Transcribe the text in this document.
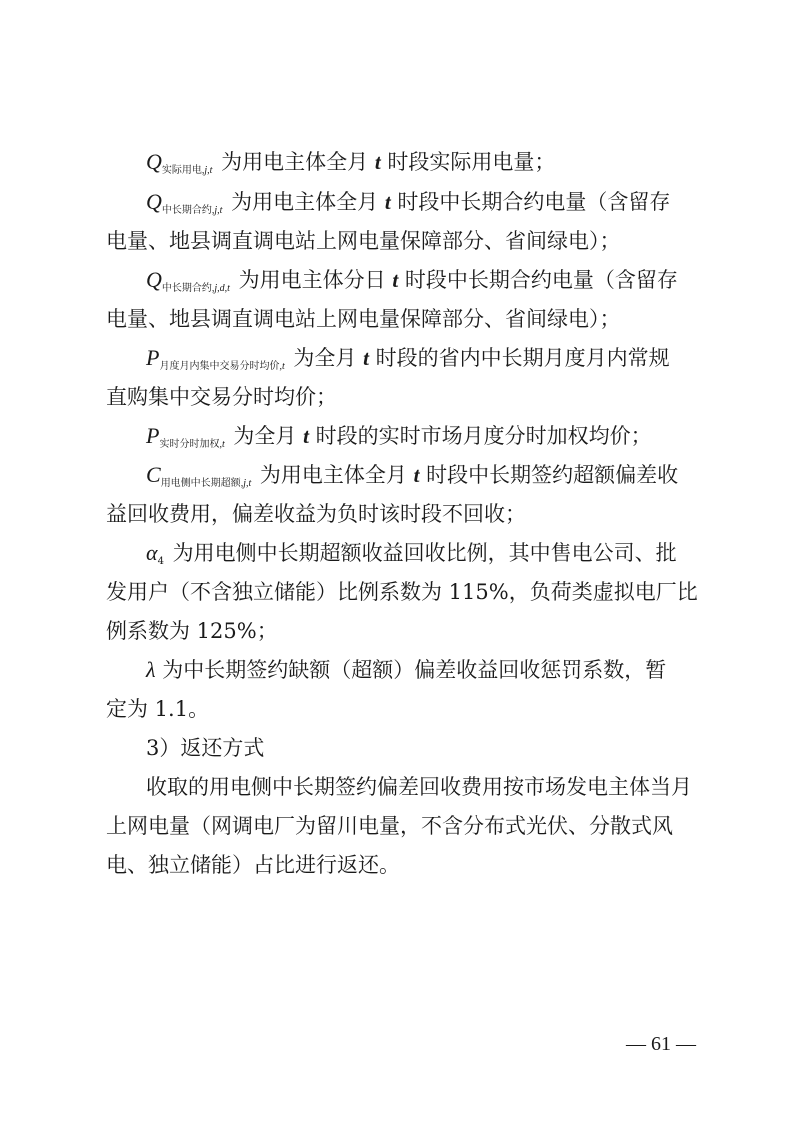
$Q_{实际用电,j,t}$ 为用电主体全月 t 时段实际用电量；
$Q_{中长期合约,j,t}$ 为用电主体全月 t 时段中长期合约电量（含留存
电量、地县调直调电站上网电量保障部分、省间绿电）；
$Q_{中长期合约,j,d,t}$ 为用电主体分日 t 时段中长期合约电量（含留存
电量、地县调直调电站上网电量保障部分、省间绿电）；
$P_{月度月内集中交易分时均价,t}$ 为全月 t 时段的省内中长期月度月内常规
直购集中交易分时均价；
$P_{实时分时加权,t}$ 为全月 t 时段的实时市场月度分时加权均价；
$C_{用电侧中长期超额,j,t}$ 为用电主体全月 t 时段中长期签约超额偏差收
益回收费用，偏差收益为负时该时段不回收；
$\alpha_4$ 为用电侧中长期超额收益回收比例，其中售电公司、批
发用户（不含独立储能）比例系数为 115%，负荷类虚拟电厂比
例系数为 125%；
λ 为中长期签约缺额（超额）偏差收益回收惩罚系数，暂
定为 1.1。
3）返还方式
收取的用电侧中长期签约偏差回收费用按市场发电主体当月
上网电量（网调电厂为留川电量，不含分布式光伏、分散式风
电、独立储能）占比进行返还。
— 61 —
